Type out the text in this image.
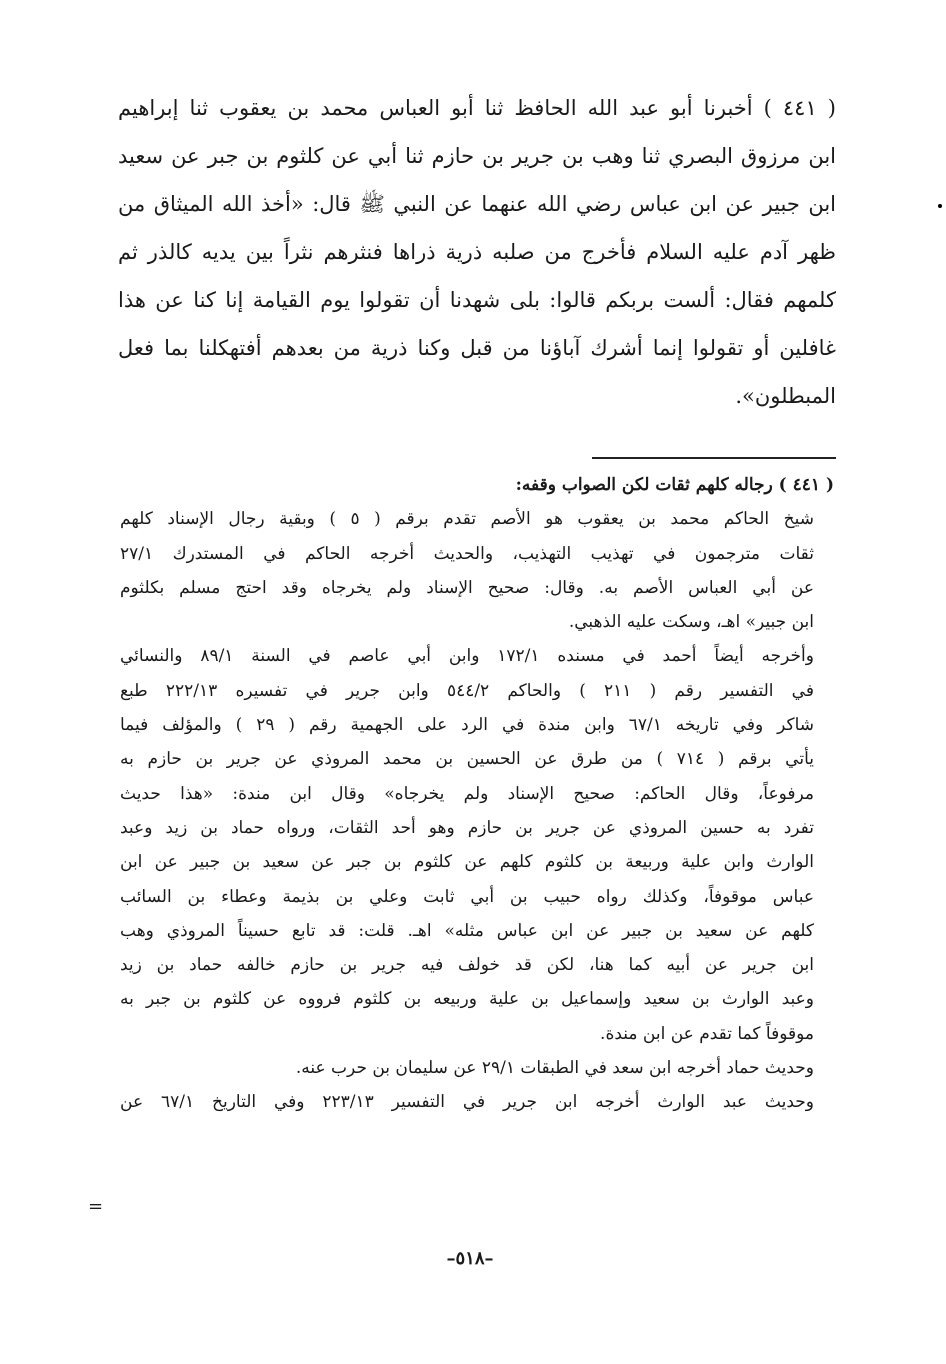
( ٤٤١ ) أخبرنا أبو عبد الله الحافظ ثنا أبو العباس محمد بن يعقوب ثنا إبراهيم
ابن مرزوق البصري ثنا وهب بن جرير بن حازم ثنا أبي عن كلثوم بن جبر عن سعيد
ابن جبير عن ابن عباس رضي الله عنهما عن النبي ﷺ قال: «أخذ الله الميثاق من
ظهر آدم عليه السلام فأخرج من صلبه ذرية ذراها فنثرهم نثراً بين يديه كالذر ثم
كلمهم فقال: ألست بربكم قالوا: بلى شهدنا أن تقولوا يوم القيامة إنا كنا عن هذا
غافلين أو تقولوا إنما أشرك آباؤنا من قبل وكنا ذرية من بعدهم أفتهكلنا بما فعل
المبطلون».
( ٤٤١ ) رجاله كلهم ثقات لكن الصواب وقفه:
شيخ الحاكم محمد بن يعقوب هو الأصم تقدم برقم ( ٥ ) وبقية رجال الإسناد كلهم
ثقات مترجمون في تهذيب التهذيب، والحديث أخرجه الحاكم في المستدرك ٢٧/١
عن أبي العباس الأصم به. وقال: صحيح الإسناد ولم يخرجاه وقد احتج مسلم بكلثوم
ابن جبير» اهـ، وسكت عليه الذهبي.
وأخرجه أيضاً أحمد في مسنده ١٧٢/١ وابن أبي عاصم في السنة ٨٩/١ والنسائي
في التفسير رقم ( ٢١١ ) والحاكم ٥٤٤/٢ وابن جرير في تفسيره ٢٢٢/١٣ طبع
شاكر وفي تاريخه ٦٧/١ وابن مندة في الرد على الجهمية رقم ( ٢٩ ) والمؤلف فيما
يأتي برقم ( ٧١٤ ) من طرق عن الحسين بن محمد المروذي عن جرير بن حازم به
مرفوعاً، وقال الحاكم: صحيح الإسناد ولم يخرجاه» وقال ابن مندة: «هذا حديث
تفرد به حسين المروذي عن جرير بن حازم وهو أحد الثقات، ورواه حماد بن زيد وعبد
الوارث وابن علية وربيعة بن كلثوم كلهم عن كلثوم بن جبر عن سعيد بن جبير عن ابن
عباس موقوفاً، وكذلك رواه حبيب بن أبي ثابت وعلي بن بذيمة وعطاء بن السائب
كلهم عن سعيد بن جبير عن ابن عباس مثله» اهـ. قلت: قد تابع حسيناً المروذي وهب
ابن جرير عن أبيه كما هنا، لكن قد خولف فيه جرير بن حازم خالفه حماد بن زيد
وعبد الوارث بن سعيد وإسماعيل بن علية وربيعه بن كلثوم فرووه عن كلثوم بن جبر به
موقوفاً كما تقدم عن ابن مندة.
وحديث حماد أخرجه ابن سعد في الطبقات ٢٩/١ عن سليمان بن حرب عنه.
وحديث عبد الوارث أخرجه ابن جرير في التفسير ٢٢٣/١٣ وفي التاريخ ٦٧/١ عن
=
–٥١٨–
